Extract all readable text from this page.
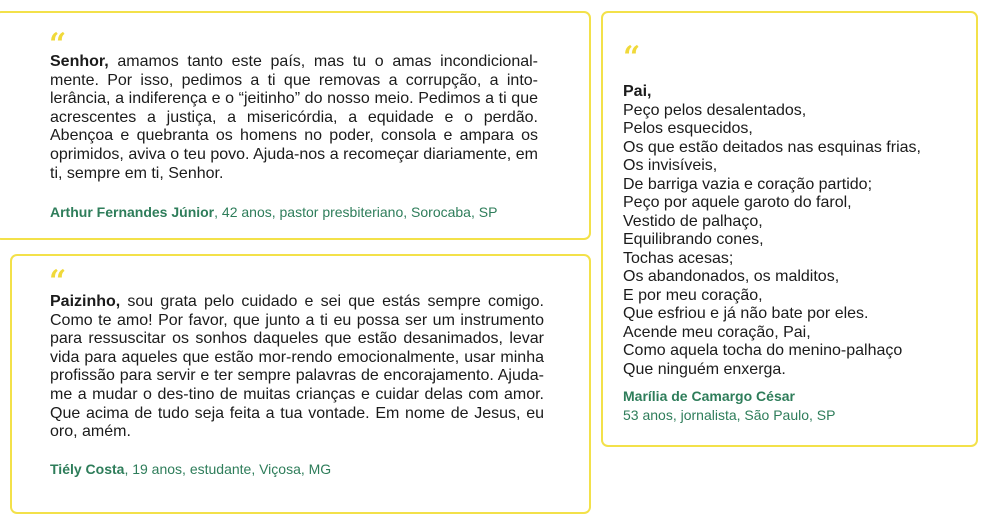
“

Senhor, amamos tanto este país, mas tu o amas incondicional-mente. Por isso, pedimos a ti que removas a corrupção, a into-lerância, a indiferença e o “jeitinho” do nosso meio. Pedimos a ti que acrescentes a justiça, a misericórdia, a equidade e o perdão. Abençoa e quebranta os homens no poder, consola e ampara os oprimidos, aviva o teu povo. Ajuda-nos a recomeçar diariamente, em ti, sempre em ti, Senhor.

Arthur Fernandes Júnior, 42 anos, pastor presbiteriano, Sorocaba, SP
“

Paizinho, sou grata pelo cuidado e sei que estás sempre comigo. Como te amo! Por favor, que junto a ti eu possa ser um instrumento para ressuscitar os sonhos daqueles que estão desanimados, levar vida para aqueles que estão mor-rendo emocionalmente, usar minha profissão para servir e ter sempre palavras de encorajamento. Ajuda-me a mudar o des-tino de muitas crianças e cuidar delas com amor. Que acima de tudo seja feita a tua vontade. Em nome de Jesus, eu oro, amém.

Tiély Costa, 19 anos, estudante, Viçosa, MG
“
Pai,
Peço pelos desalentados,
Pelos esquecidos,
Os que estão deitados nas esquinas frias,
Os invisíveis,
De barriga vazia e coração partido;
Peço por aquele garoto do farol,
Vestido de palhaço,
Equilibrando cones,
Tochas acesas;
Os abandonados, os malditos,
E por meu coração,
Que esfriou e já não bate por eles.
Acende meu coração, Pai,
Como aquela tocha do menino-palhaço
Que ninguém enxerga.
Marília de Camargo César
53 anos, jornalista, São Paulo, SP
